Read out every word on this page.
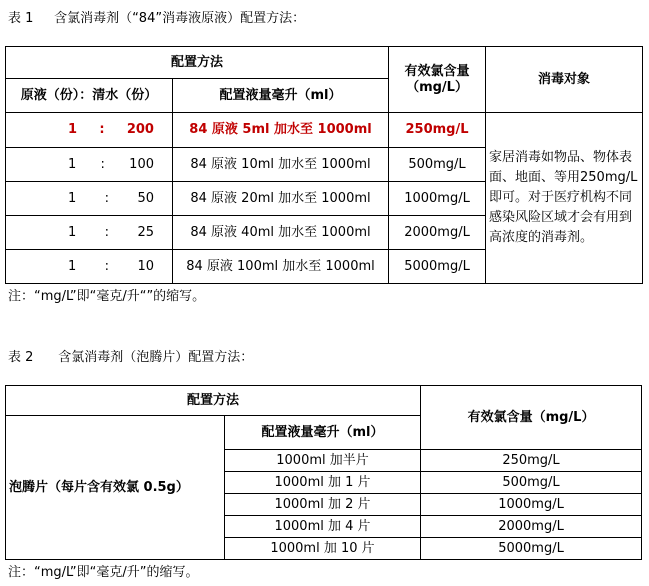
表 1     含氯消毒剂（“84”消毒液原液）配置方法：
配置方法		有效氯含量（mg/L）	消毒对象
原液（份）：清水（份）	配置液量毫升（ml）		

1 : 200	84 原液 5ml 加水至 1000ml	250mg/L	家居消毒如物品、物体表面、地面、等用250mg/L 即可。对于医疗机构不同感染风险区域才会有用到高浓度的消毒剂。

1 : 100	84 原液 10ml 加水至 1000ml	500mg/L	

1 : 50	84 原液 20ml 加水至 1000ml	1000mg/L	

1 : 25	84 原液 40ml 加水至 1000ml	2000mg/L	

1 : 10	84 原液 100ml 加水至 1000ml	5000mg/L	
注：“mg/L”即“毫克/升“”的缩写。
表 2      含氯消毒剂（泡腾片）配置方法：
配置方法		有效氯含量（mg/L）
泡腾片（每片含有效氯 0.5g）	配置液量毫升（ml）	
	1000ml 加半片	250mg/L
	1000ml 加 1 片	500mg/L
	1000ml 加 2 片	1000mg/L
	1000ml 加 4 片	2000mg/L
	1000ml 加 10 片	5000mg/L
注：“mg/L”即“毫克/升”的缩写。
